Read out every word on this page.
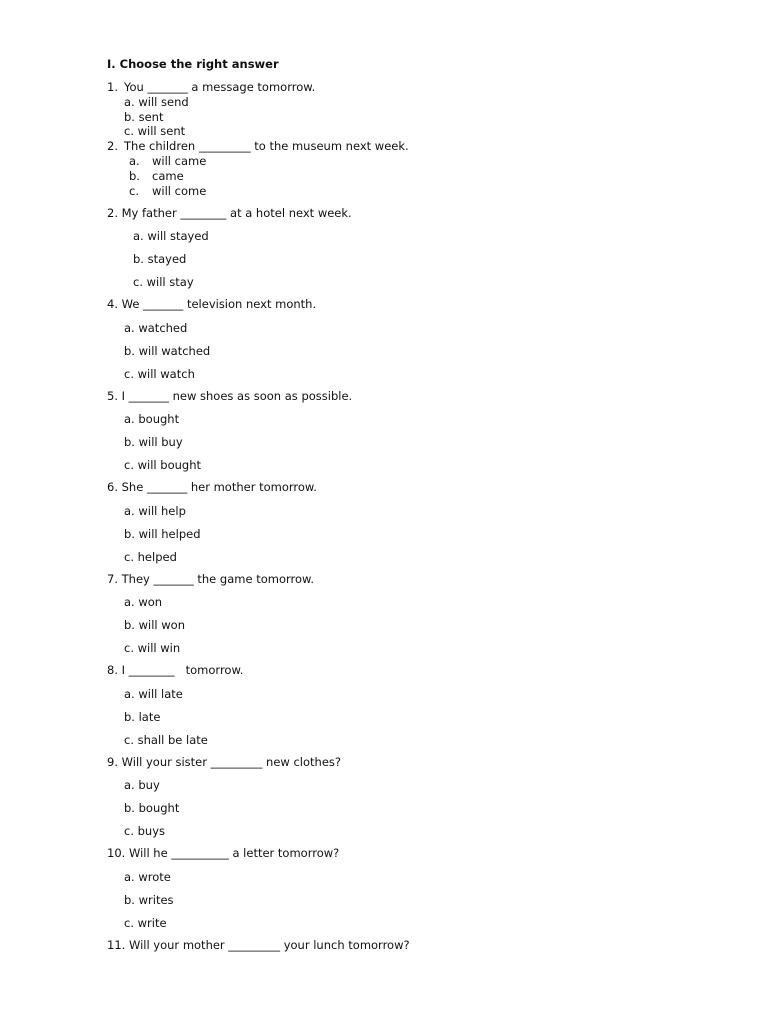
I. Choose the right answer
1. You _______ a message tomorrow.
a. will send
b. sent
c. will sent
2. The children _________ to the museum next week.
a. will came
b. came
c. will come
2. My father ________ at a hotel next week.
a. will stayed
b. stayed
c. will stay
4. We _______ television next month.
a. watched
b. will watched
c. will watch
5. I _______ new shoes as soon as possible.
a. bought
b. will buy
c. will bought
6. She _______ her mother tomorrow.
a. will help
b. will helped
c. helped
7. They _______ the game tomorrow.
a. won
b. will won
c. will win
8. I ________   tomorrow.
a. will late
b. late
c. shall be late
9. Will your sister _________ new clothes?
a. buy
b. bought
c. buys
10. Will he __________ a letter tomorrow?
a. wrote
b. writes
c. write
11. Will your mother _________ your lunch tomorrow?
